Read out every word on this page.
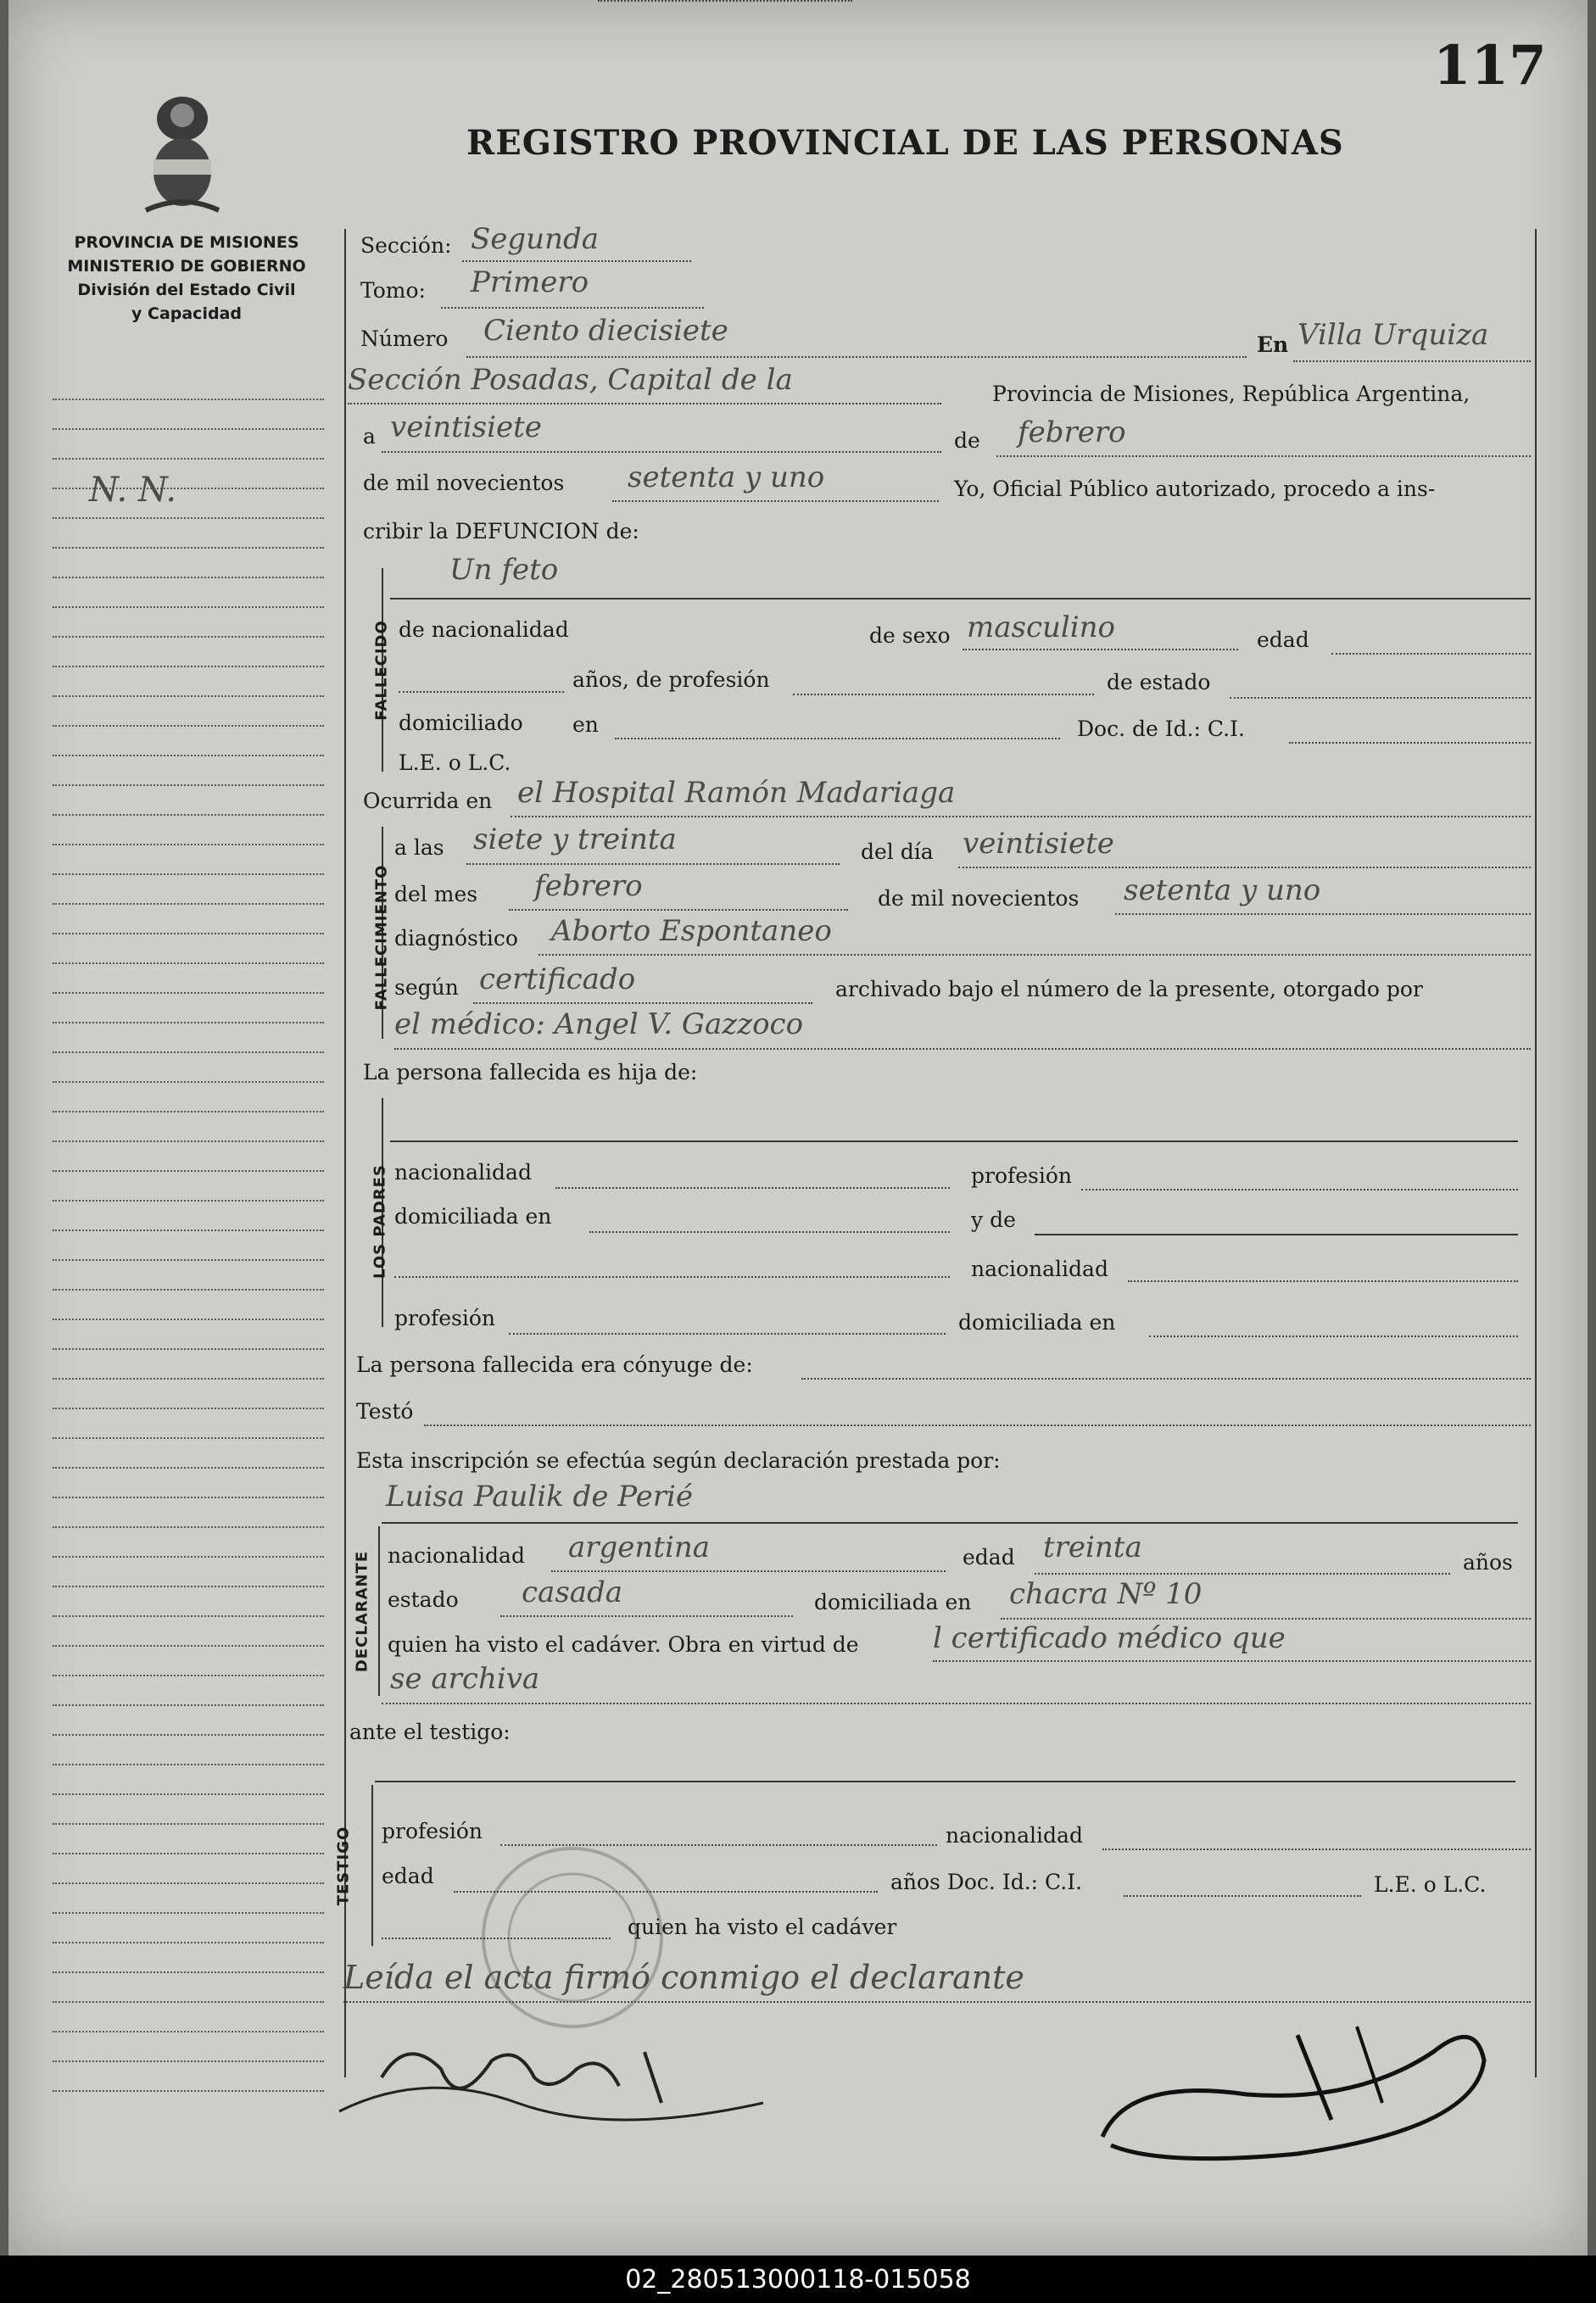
117
REGISTRO PROVINCIAL DE LAS PERSONAS
PROVINCIA DE MISIONES
MINISTERIO DE GOBIERNO
División del Estado Civil
y Capacidad
N. N.
Sección: Segunda
Tomo: Primero
Número Ciento diecisiete	En Villa Urquiza
Sección Posadas, Capital de la	Provincia de Misiones, República Argentina,
a veintisiete	de febrero
de mil novecientos setenta y uno	Yo, Oficial Público autorizado, procedo a ins-
cribir la DEFUNCION de:
FALLECIDO
Un feto
de nacionalidad	de sexo masculino	edad
años, de profesión	de estado
domiciliado en	Doc. de Id.: C.I.
L.E. o L.C.
Ocurrida en el Hospital Ramón Madariaga
FALLECIMIENTO
a las siete y treinta	del día veintisiete
del mes febrero	de mil novecientos setenta y uno
diagnóstico Aborto Espontaneo
según certificado	archivado bajo el número de la presente, otorgado por
el médico: Angel V. Gazzoco
La persona fallecida es hija de:
LOS PADRES nacionalidad	profesión
domiciliada en	y de
nacionalidad
profesión	domiciliada en
La persona fallecida era cónyuge de:
Testó
Esta inscripción se efectúa según declaración prestada por:
Luisa Paulik de Perié
DECLARANTE nacionalidad argentina	edad treinta	años
estado casada	domiciliada en chacra Nº 10
quien ha visto el cadáver. Obra en virtud de	l certificado médico que
se archiva
ante el testigo:
TESTIGO profesión	nacionalidad
edad	años Doc. Id.: C.I.	L.E. o L.C.
quien ha visto el cadáver
Leída el acta firmó conmigo el declarante
02_280513000118-015058
